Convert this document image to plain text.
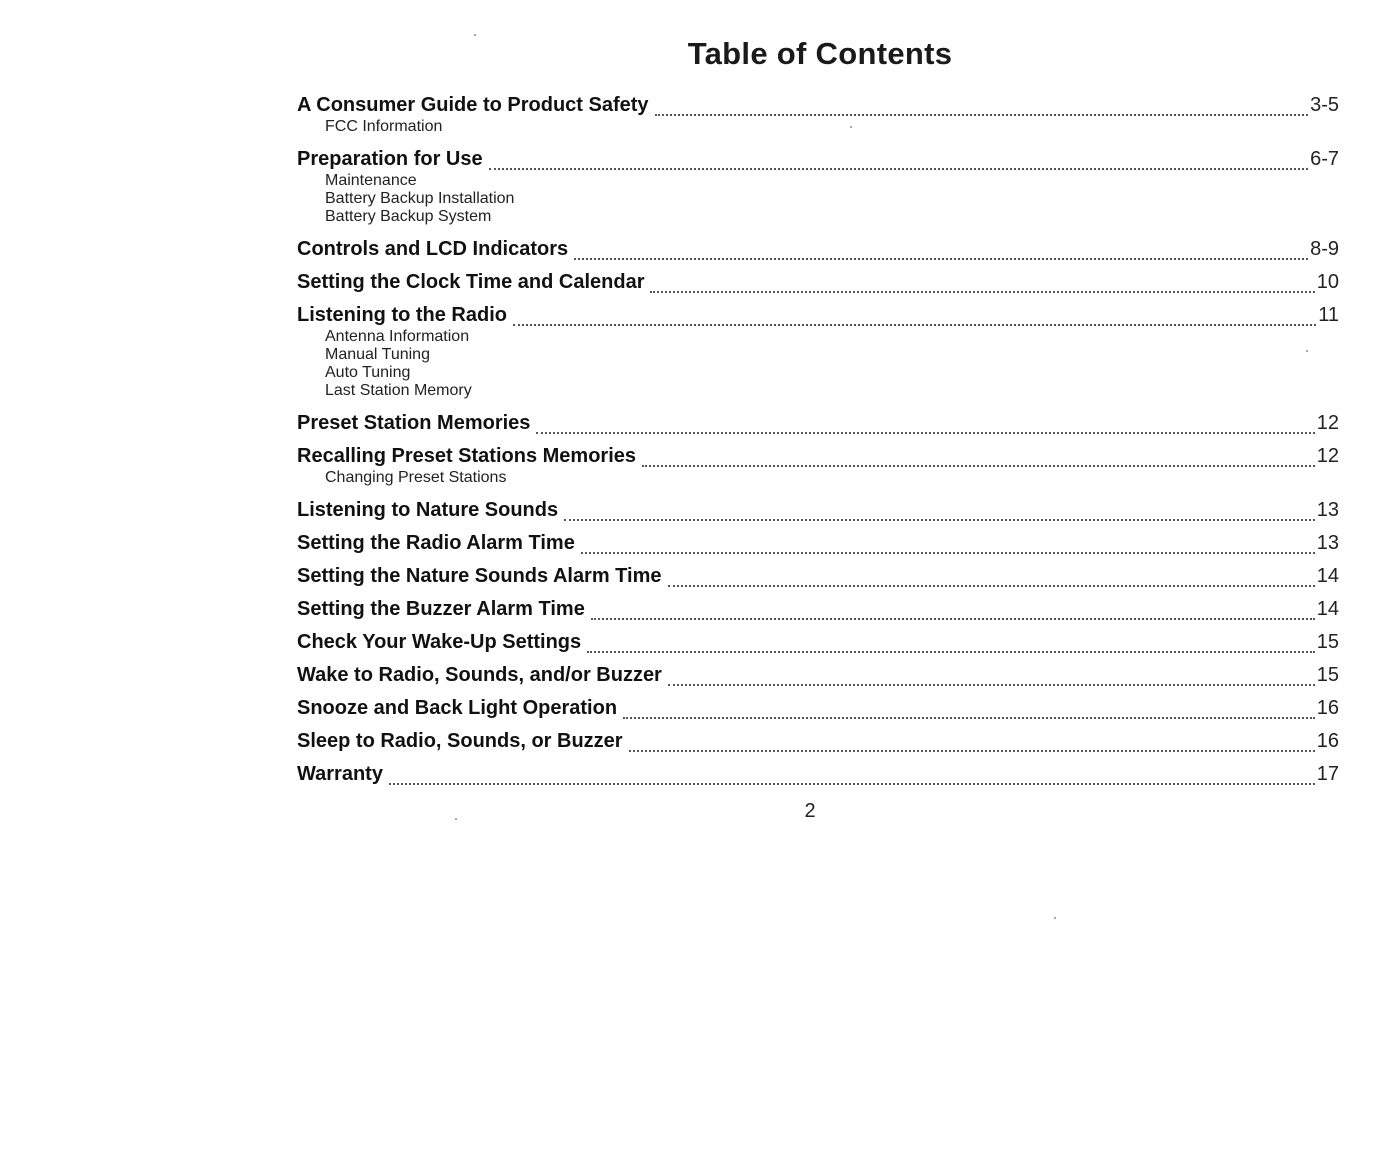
Table of Contents
A Consumer Guide to Product Safety	3-5
FCC Information
Preparation for Use	6-7
Maintenance
Battery Backup Installation
Battery Backup System
Controls and LCD Indicators	8-9
Setting the Clock Time and Calendar	10
Listening to the Radio	11
Antenna Information
Manual Tuning
Auto Tuning
Last Station Memory
Preset Station Memories	12
Recalling Preset Stations Memories	12
Changing Preset Stations
Listening to Nature Sounds	13
Setting the Radio Alarm Time	13
Setting the Nature Sounds Alarm Time	14
Setting the Buzzer Alarm Time	14
Check Your Wake-Up Settings	15
Wake to Radio, Sounds, and/or Buzzer	15
Snooze and Back Light Operation	16
Sleep to Radio, Sounds, or Buzzer	16
Warranty	17
2
